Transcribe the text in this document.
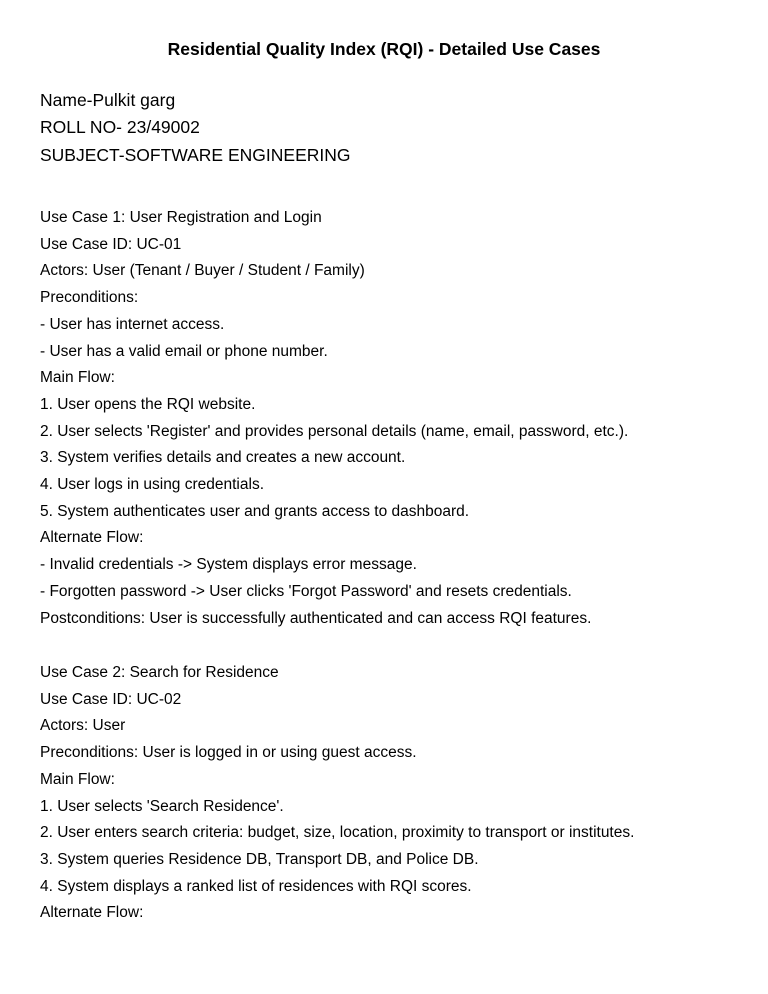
Residential Quality Index (RQI) - Detailed Use Cases

Name-Pulkit garg

ROLL NO- 23/49002

SUBJECT-SOFTWARE ENGINEERING

Use Case 1: User Registration and Login

Use Case ID: UC-01

Actors: User (Tenant / Buyer / Student / Family)

Preconditions:

- User has internet access.

- User has a valid email or phone number.

Main Flow:

1. User opens the RQI website.

2. User selects 'Register' and provides personal details (name, email, password, etc.).

3. System verifies details and creates a new account.

4. User logs in using credentials.

5. System authenticates user and grants access to dashboard.

Alternate Flow:

- Invalid credentials -> System displays error message.

- Forgotten password -> User clicks 'Forgot Password' and resets credentials.

Postconditions: User is successfully authenticated and can access RQI features.

Use Case 2: Search for Residence

Use Case ID: UC-02

Actors: User

Preconditions: User is logged in or using guest access.

Main Flow:

1. User selects 'Search Residence'.

2. User enters search criteria: budget, size, location, proximity to transport or institutes.

3. System queries Residence DB, Transport DB, and Police DB.

4. System displays a ranked list of residences with RQI scores.

Alternate Flow:
